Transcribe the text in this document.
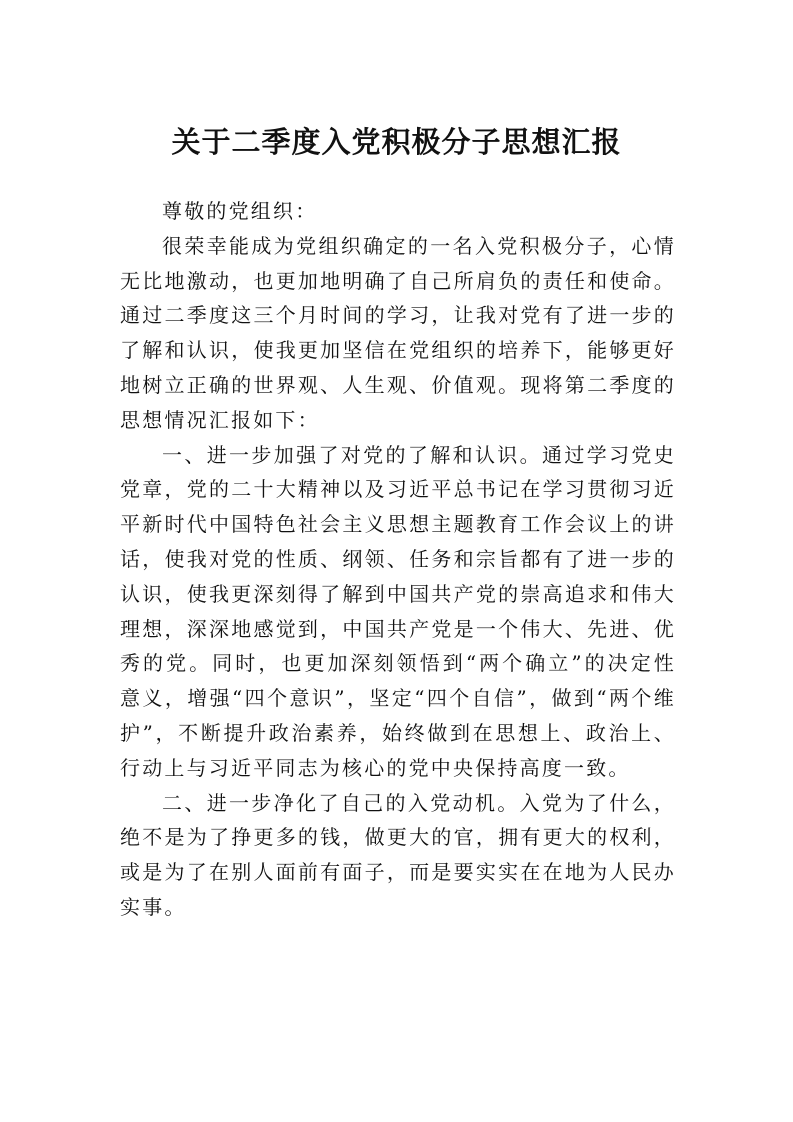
关于二季度入党积极分子思想汇报

尊敬的党组织：

很荣幸能成为党组织确定的一名入党积极分子，心情无比地激动，也更加地明确了自己所肩负的责任和使命。通过二季度这三个月时间的学习，让我对党有了进一步的了解和认识，使我更加坚信在党组织的培养下，能够更好地树立正确的世界观、人生观、价值观。现将第二季度的思想情况汇报如下：

一、进一步加强了对党的了解和认识。通过学习党史党章，党的二十大精神以及习近平总书记在学习贯彻习近平新时代中国特色社会主义思想主题教育工作会议上的讲话，使我对党的性质、纲领、任务和宗旨都有了进一步的认识，使我更深刻得了解到中国共产党的崇高追求和伟大理想，深深地感觉到，中国共产党是一个伟大、先进、优秀的党。同时，也更加深刻领悟到“两个确立”的决定性意义，增强“四个意识”，坚定“四个自信”，做到“两个维护”，不断提升政治素养，始终做到在思想上、政治上、行动上与习近平同志为核心的党中央保持高度一致。

二、进一步净化了自己的入党动机。入党为了什么，绝不是为了挣更多的钱，做更大的官，拥有更大的权利，或是为了在别人面前有面子，而是要实实在在地为人民办实事。
